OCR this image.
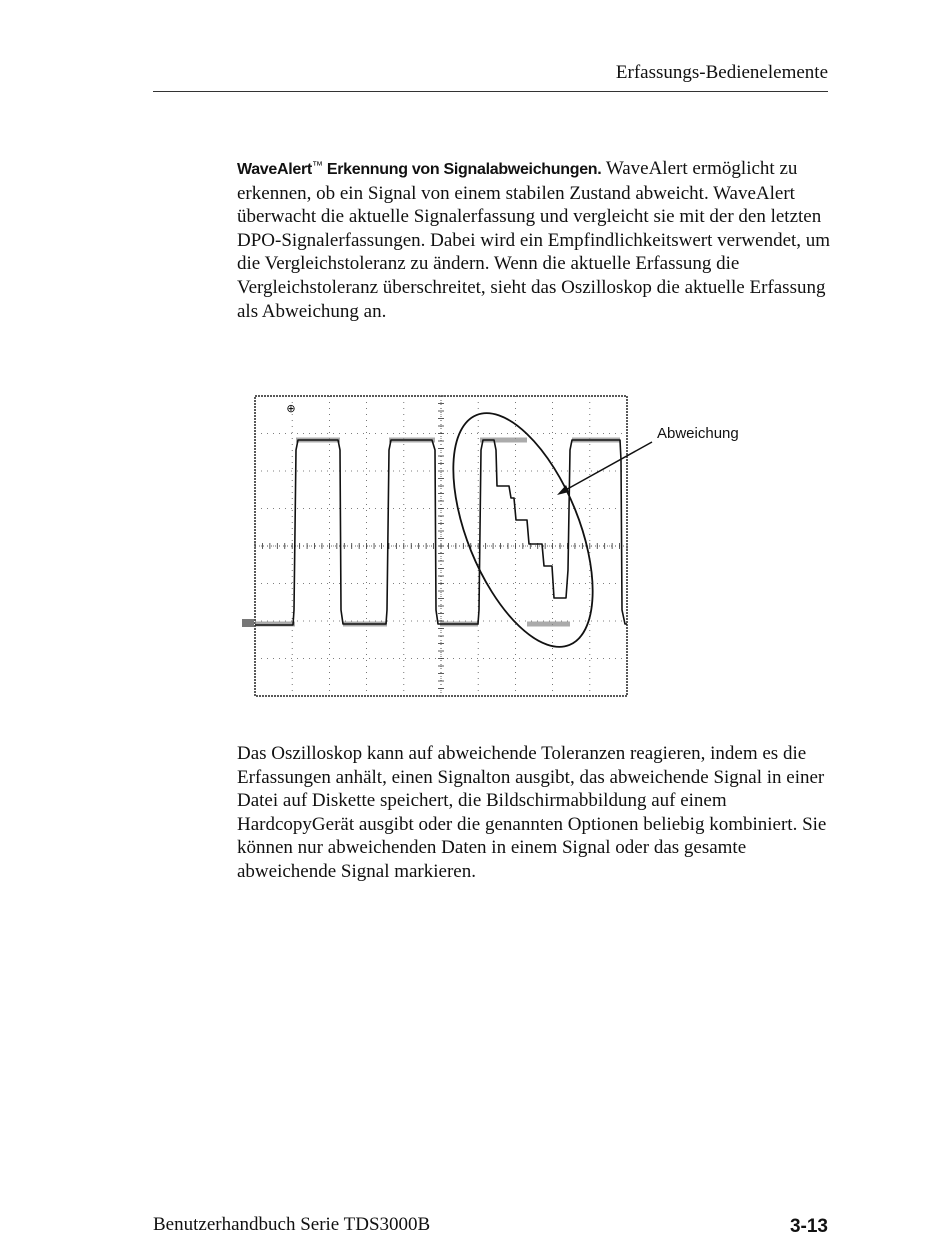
Erfassungs-Bedienelemente

WaveAlert™ Erkennung von Signalabweichungen. WaveAlert ermöglicht zu erkennen, ob ein Signal von einem stabilen Zustand abweicht. WaveAlert überwacht die aktuelle Signalerfassung und vergleicht sie mit der den letzten DPO-Signalerfassungen. Dabei wird ein Empfindlichkeitswert verwendet, um die Vergleichstoleranz zu ändern. Wenn die aktuelle Erfassung die Vergleichstoleranz überschreitet, sieht das Oszilloskop die aktuelle Erfassung als Abweichung an.

⊕
Abweichung

Das Oszilloskop kann auf abweichende Toleranzen reagieren, indem es die Erfassungen anhält, einen Signalton ausgibt, das abweichende Signal in einer Datei auf Diskette speichert, die Bildschirmabbildung auf einem HardcopyGerät ausgibt oder die genannten Optionen beliebig kombiniert. Sie können nur abweichenden Daten in einem Signal oder das gesamte abweichende Signal markieren.

Benutzerhandbuch Serie TDS3000B	3-13
